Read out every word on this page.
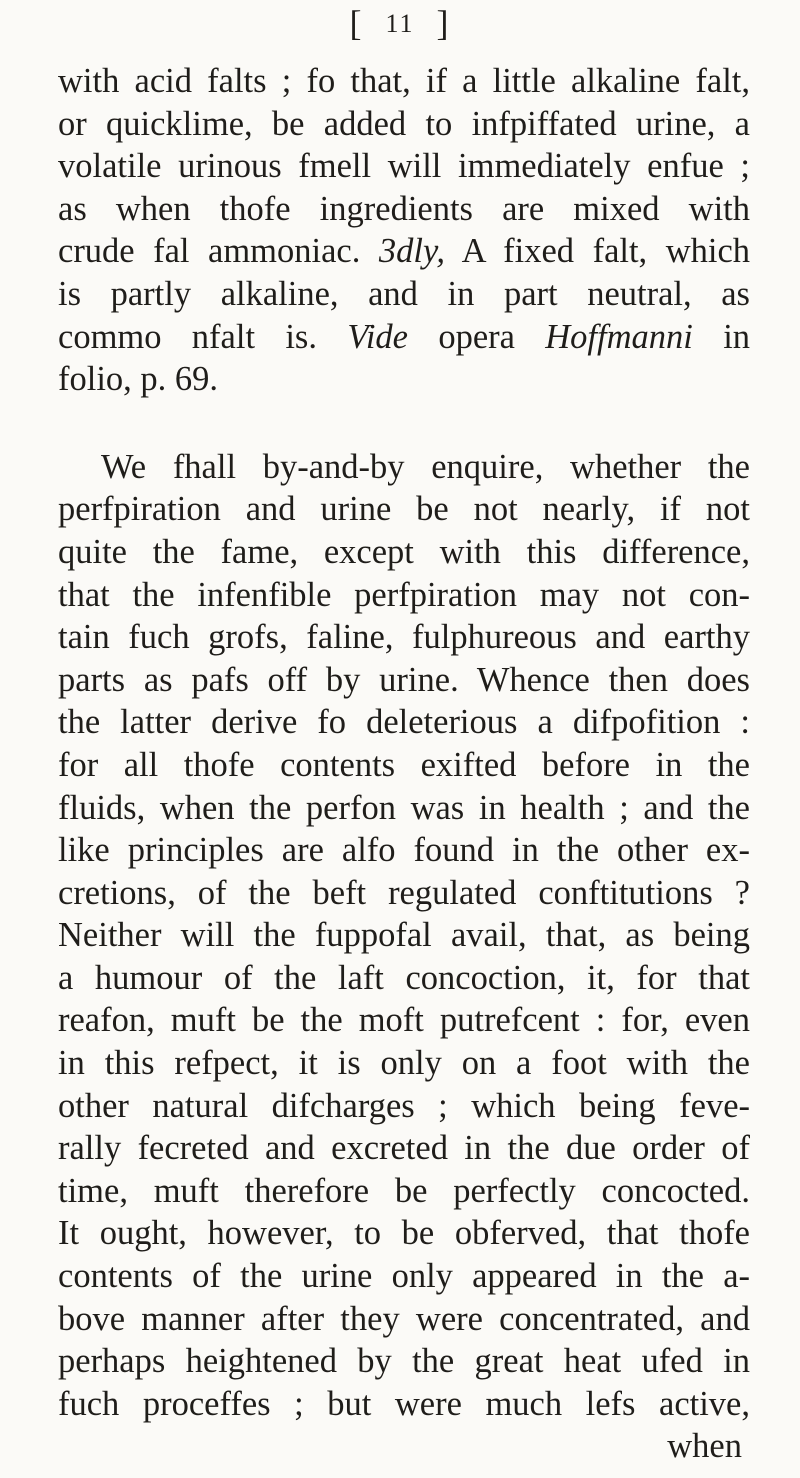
[ 11 ]
with acid falts ; fo that, if a little alkaline falt,
or quicklime, be added to infpiffated urine, a
volatile urinous fmell will immediately enfue ;
as when thofe ingredients are mixed with
crude fal ammoniac. 3dly, A fixed falt, which
is partly alkaline, and in part neutral, as
commo nfalt is. Vide opera Hoffmanni in
folio, p. 69.
We fhall by-and-by enquire, whether the
perfpiration and urine be not nearly, if not
quite the fame, except with this difference,
that the infenfible perfpiration may not con-
tain fuch grofs, faline, fulphureous and earthy
parts as pafs off by urine. Whence then does
the latter derive fo deleterious a difpofition :
for all thofe contents exifted before in the
fluids, when the perfon was in health ; and the
like principles are alfo found in the other ex-
cretions, of the beft regulated conftitutions ?
Neither will the fuppofal avail, that, as being
a humour of the laft concoction, it, for that
reafon, muft be the moft putrefcent : for, even
in this refpect, it is only on a foot with the
other natural difcharges ; which being feve-
rally fecreted and excreted in the due order of
time, muft therefore be perfectly concocted.
It ought, however, to be obferved, that thofe
contents of the urine only appeared in the a-
bove manner after they were concentrated, and
perhaps heightened by the great heat ufed in
fuch proceffes ; but were much lefs active,
when
